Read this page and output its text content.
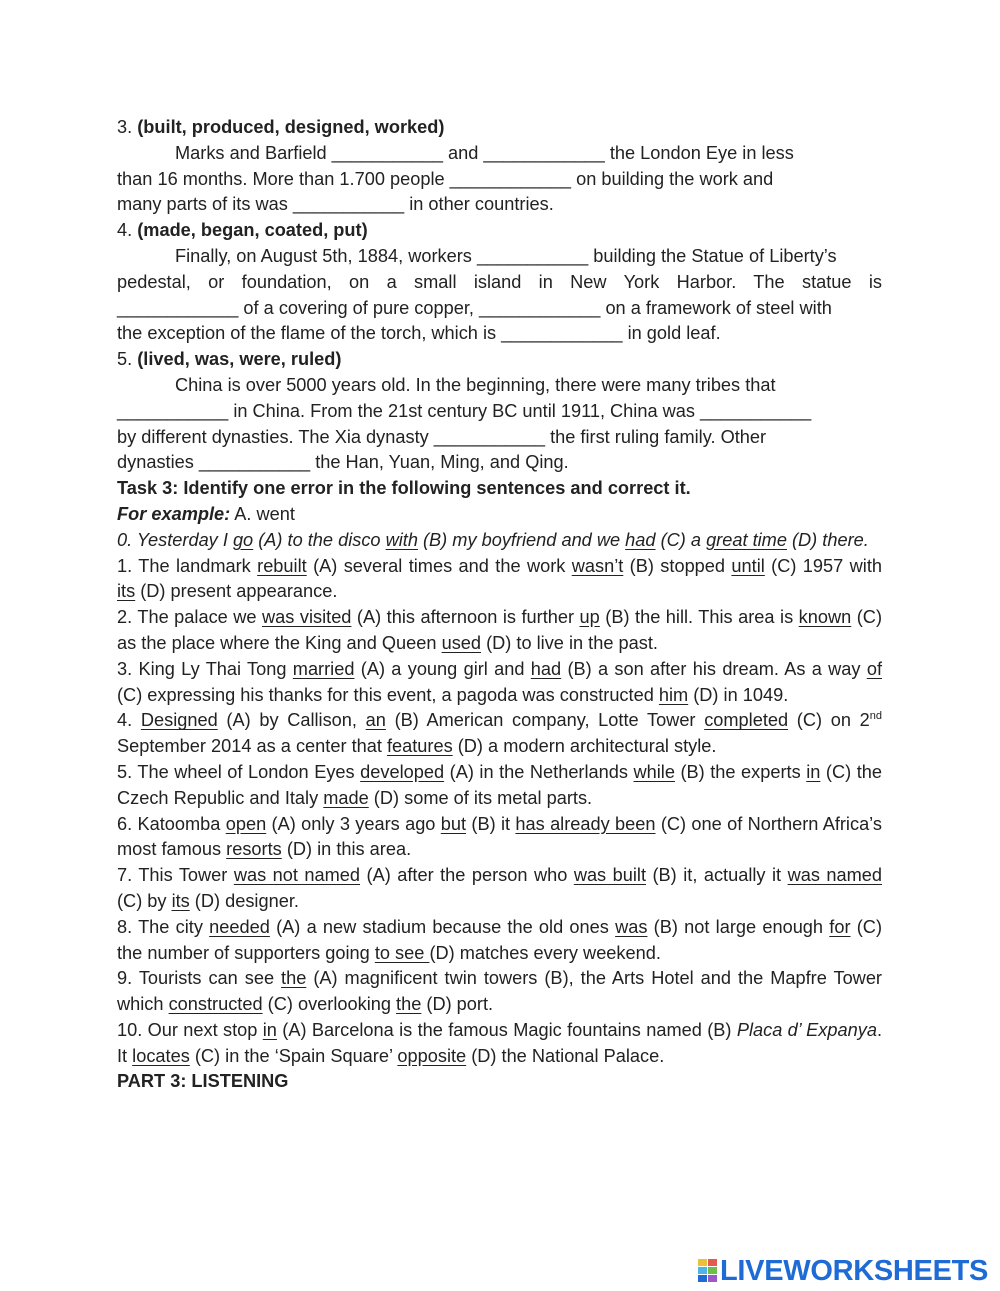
3. (built, produced, designed, worked)

Marks and Barfield ___________ and ____________ the London Eye in less

than 16 months. More than 1.700 people ____________ on building the work and

many parts of its was ___________ in other countries.

4. (made, began, coated, put)

Finally, on August 5th, 1884, workers ___________ building the Statue of Liberty’s

pedestal, or foundation, on a small island in New York Harbor. The statue is

____________ of a covering of pure copper, ____________ on a framework of steel with

the exception of the flame of the torch, which is ____________ in gold leaf.

5. (lived, was, were, ruled)

China is over 5000 years old. In the beginning, there were many tribes that

___________ in China. From the 21st century BC until 1911, China was ___________

by different dynasties. The Xia dynasty ___________ the first ruling family. Other

dynasties ___________ the Han, Yuan, Ming, and Qing.

Task 3: Identify one error in the following sentences and correct it.

For example: A. went

0. Yesterday I go (A) to the disco with (B) my boyfriend and we had (C) a great time (D) there.

1. The landmark rebuilt (A) several times and the work wasn’t (B) stopped until (C) 1957 with its (D) present appearance.

2. The palace we was visited (A) this afternoon is further up (B) the hill. This area is known (C) as the place where the King and Queen used (D) to live in the past.

3. King Ly Thai Tong married (A) a young girl and had (B) a son after his dream. As a way of (C) expressing his thanks for this event, a pagoda was constructed him (D) in 1049.

4. Designed (A) by Callison, an (B) American company, Lotte Tower completed (C) on 2nd September 2014 as a center that features (D) a modern architectural style.

5. The wheel of London Eyes developed (A) in the Netherlands while (B) the experts in (C) the Czech Republic and Italy made (D) some of its metal parts.

6. Katoomba open (A) only 3 years ago but (B) it has already been (C) one of Northern Africa’s most famous resorts (D) in this area.

7. This Tower was not named (A) after the person who was built (B) it, actually it was named (C) by its (D) designer.

8. The city needed (A) a new stadium because the old ones was (B) not large enough for (C) the number of supporters going to see (D) matches every weekend.

9. Tourists can see the (A) magnificent twin towers (B), the Arts Hotel and the Mapfre Tower which constructed (C) overlooking the (D) port.

10. Our next stop in (A) Barcelona is the famous Magic fountains named (B) Placa d’ Expanya. It locates (C) in the ‘Spain Square’ opposite (D) the National Palace.

PART 3: LISTENING

LIVEWORKSHEETS
